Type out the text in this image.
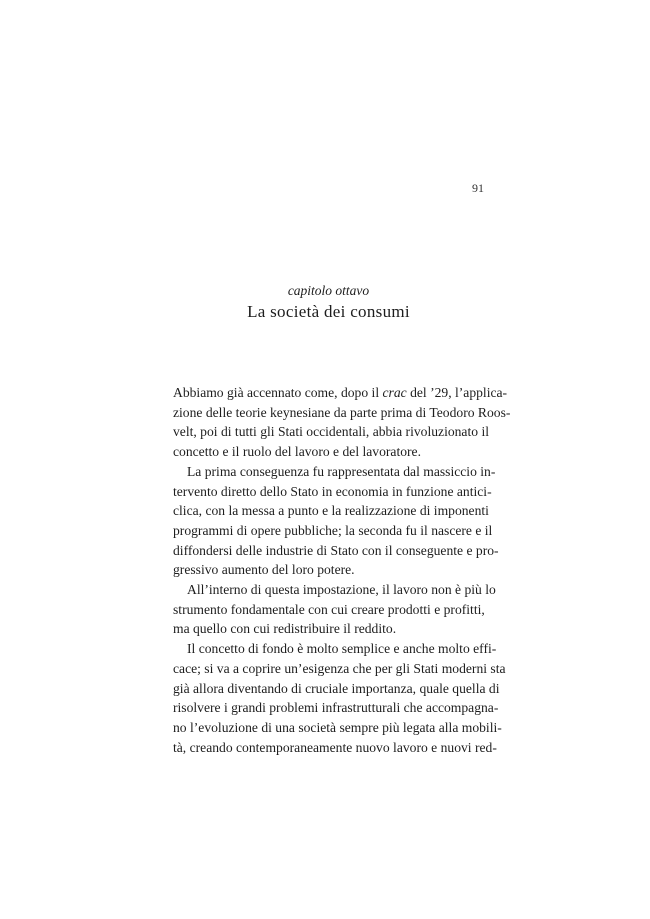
91
capitolo ottavo
La società dei consumi
Abbiamo già accennato come, dopo il crac del ’29, l’applica-
zione delle teorie keynesiane da parte prima di Teodoro Roos-
velt, poi di tutti gli Stati occidentali, abbia rivoluzionato il
concetto e il ruolo del lavoro e del lavoratore.
La prima conseguenza fu rappresentata dal massiccio in-
tervento diretto dello Stato in economia in funzione antici-
clica, con la messa a punto e la realizzazione di imponenti
programmi di opere pubbliche; la seconda fu il nascere e il
diffondersi delle industrie di Stato con il conseguente e pro-
gressivo aumento del loro potere.
All’interno di questa impostazione, il lavoro non è più lo
strumento fondamentale con cui creare prodotti e profitti,
ma quello con cui redistribuire il reddito.
Il concetto di fondo è molto semplice e anche molto effi-
cace; si va a coprire un’esigenza che per gli Stati moderni sta
già allora diventando di cruciale importanza, quale quella di
risolvere i grandi problemi infrastrutturali che accompagna-
no l’evoluzione di una società sempre più legata alla mobili-
tà, creando contemporaneamente nuovo lavoro e nuovi red-
